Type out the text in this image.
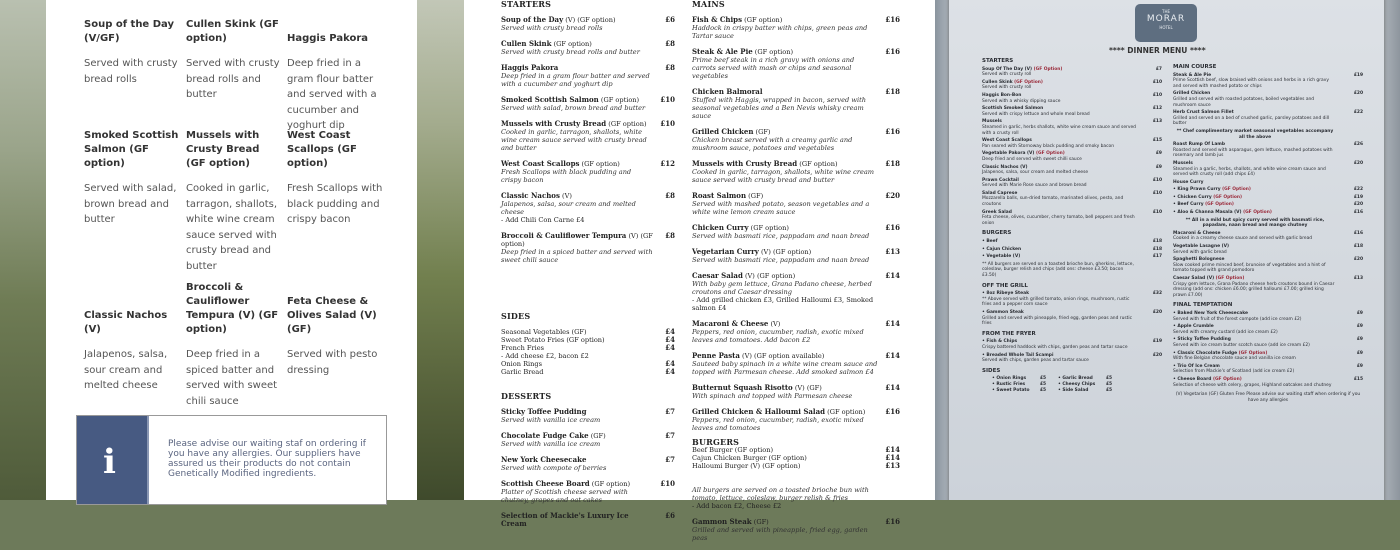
Soup of the Day (V/GF)
Served with crusty bread rolls
Cullen Skink (GF option)
Served with crusty bread rolls and butter
Haggis Pakora
Deep fried in a gram flour batter and served with a cucumber and yoghurt dip
Smoked Scottish Salmon (GF option)
Served with salad, brown bread and butter
Mussels with Crusty Bread (GF option)
Cooked in garlic, tarragon, shallots, white wine cream sauce served with crusty bread and butter
West Coast Scallops (GF option)
Fresh Scallops with black pudding and crispy bacon
Classic Nachos (V)
Jalapenos, salsa, sour cream and melted cheese
Broccoli & Cauliflower Tempura (V) (GF option)
Deep fried in a spiced batter and served with sweet chili sauce
Feta Cheese & Olives Salad (V) (GF)
Served with pesto dressing
i	Please advise our waiting staf on ordering if you have any allergies. Our suppliers have assured us their products do not contain Genetically Modified ingredients.
STARTERS
Soup of the Day (V) (GF option)
Served with crusty bread rolls
£6
Cullen Skink (GF option)
Served with crusty bread rolls and butter
£8
Haggis Pakora
Deep fried in a gram flour batter and served with a cucumber and yoghurt dip
£8
Smoked Scottish Salmon (GF option)
Served with salad, brown bread and butter
£10
Mussels with Crusty Bread (GF option)
Cooked in garlic, tarragon, shallots, white wine cream sauce served with crusty bread and butter
£10
West Coast Scallops (GF option)
Fresh Scallops with black pudding and crispy bacon
£12
Classic Nachos (V)
Jalapenos, salsa, sour cream and melted cheese
- Add Chili Con Carne £4
£8
Broccoli & Cauliflower Tempura (V) (GF option)
Deep fried in a spiced batter and served with sweet chili sauce
£8
SIDES
Seasonal Vegetables (GF)	£4
Sweet Potato Fries (GF option)	£4
French Fries	£4
- Add cheese £2, bacon £2
Onion Rings	£4
Garlic Bread	£4
DESSERTS
Sticky Toffee Pudding
Served with vanilla ice cream
£7
Chocolate Fudge Cake (GF)
Served with vanilla ice cream
£7
New York Cheesecake
Served with compote of berries
£7
Scottish Cheese Board (GF option)
Platter of Scottish cheese served with chutney, grapes and oat cakes
£10
Selection of Mackie's Luxury Ice Cream
£6
MAINS
Fish & Chips (GF option)
Haddock in crispy batter with chips, green peas and Tartar sauce
£16
Steak & Ale Pie (GF option)
Prime beef steak in a rich gravy with onions and carrots served with mash or chips and seasonal vegetables
£16
Chicken Balmoral
Stuffed with Haggis, wrapped in bacon, served with seasonal vegetables and a Ben Nevis whisky cream sauce
£18
Grilled Chicken (GF)
Chicken breast served with a creamy garlic and mushroom sauce, potatoes and vegetables
£16
Mussels with Crusty Bread (GF option)
Cooked in garlic, tarragon, shallots, white wine cream sauce served with crusty bread and butter
£18
Roast Salmon (GF)
Served with mashed potato, season vegetables and a white wine lemon cream sauce
£20
Chicken Curry (GF option)
Served with basmati rice, pappadam and naan bread
£16
Vegetarian Curry (V) (GF option)
Served with basmati rice, pappadam and naan bread
£13
Caesar Salad (V) (GF option)
With baby gem lettuce, Grana Padano cheese, herbed croutons and Caesar dressing
- Add grilled chicken £3, Grilled Halloumi £3, Smoked salmon £4
£14
Macaroni & Cheese (V)
Peppers, red onion, cucumber, radish, exotic mixed leaves and tomatoes. Add bacon £2
£14
Penne Pasta (V) (GF option available)
Sauteed baby spinach in a white wine cream sauce and topped with Parmesan cheese. Add smoked salmon £4
£14
Butternut Squash Risotto (V) (GF)
With spinach and topped with Parmesan cheese
£14
Grilled Chicken & Halloumi Salad (GF option)
Peppers, red onion, cucumber, radish, exotic mixed leaves and tomatoes
£16
BURGERS
Beef Burger (GF option)	£14
Cajun Chicken Burger (GF option)	£14
Halloumi Burger (V) (GF option)	£13
All burgers are served on a toasted brioche bun with tomato, lettuce, coleslaw, burger relish & fries
- Add bacon £2, Cheese £2
Gammon Steak (GF)
Grilled and served with pineapple, fried egg, garden peas
£16
THE
MORAR
HOTEL
**** DINNER MENU ****
STARTERS
Soup Of The Day (V) (GF Option)
Served with crusty roll
£7
Cullen Skink (GF Option)
Served with crusty roll
£10
Haggis Bon-Bon
Served with a whisky dipping sauce
£10
Scottish Smoked Salmon
Served with crispy lettuce and whole meal bread
£12
Mussels
Steamed in garlic, herbs shallots, white wine cream sauce and served with a crusty roll
£13
West Coast Scallops
Pan seared with Stornoway black pudding and smoky bacon
£15
Vegetable Pakora (V) (GF Option)
Deep fried and served with sweet chilli sauce
£9
Classic Nachos (V)
Jalapenos, salsa, sour cream and melted cheese
£9
Prawn Cocktail
Served with Marie Rose sauce and brown bread
£10
Salad Caprese
Mozzarella balls, sun-dried tomato, marinated olives, pesto, and croutons
£10
Greek Salad
Feta cheese, olives, cucumber, cherry tomato, bell peppers and fresh onion
£10
BURGERS
• Beef	£18
• Cajun Chicken	£18
• Vegetable (V)	£17
** All burgers are served on a toasted brioche bun, gherkins, lettuce, coleslaw, burger relish and chips (add ons: cheese £3.50; bacon £3.50)
OFF THE GRILL
• 8oz Ribeye Steak
** Above served with grilled tomato, onion rings, mushroom, rustic fries and a pepper corn sauce
£32
• Gammon Steak
Grilled and served with pineapple, fried egg, garden peas and rustic fries
£20
FROM THE FRYER
• Fish & Chips
Crispy battered haddock with chips, garden peas and tartar sauce
£19
• Breaded Whole Tail Scampi
Served with chips, garden peas and tartar sauce
£20
SIDES
• Onion Rings	£5	• Garlic Bread	£5
• Rustic Fries	£5	• Cheesy Chips	£5
• Sweet Potato	£5	• Side Salad	£5
MAIN COURSE
Steak & Ale Pie
Prime Scottish beef, slow braised with onions and herbs in a rich gravy and served with mashed potato or chips
£19
Grilled Chicken
Grilled and served with roasted potatoes, boiled vegetables and mushroom sauce
£20
Herb Crust Salmon Fillet
Grilled and served on a bed of crushed garlic, parsley potatoes and dill butter
£22
** Chef complimentary market seasonal vegetables accompany all the above
Roast Rump Of Lamb
Roasted and served with asparagus, gem lettuce, mashed potatoes with rosemary and lamb jus
£26
Mussels
Steamed in a garlic, herbs, shallots, and white wine cream sauce and served with crusty roll (add chips £4)
£20
House Curry
• King Prawn Curry (GF Option)	£22
• Chicken Curry (GF Option)	£19
• Beef Curry (GF Option)	£20
• Aloo & Channa Masala (V) (GF Option)	£16
** All in a mild but spicy curry served with basmati rice, papadam, naan bread and mango chutney
Macaroni & Cheese
Cooked in a creamy cheese sauce and served with garlic bread
£16
Vegetable Lasagne (V)
Served with garlic bread
£18
Spaghetti Bolognese
Slow cooked prime minced beef, brunoise of vegetables and a hint of tomato topped with grand pomodoro
£20
Caesar Salad (V) (GF Option)
Crispy gem lettuce, Grana Padano cheese herb croutons bound in Caesar dressing (add ons: chicken £6.00; grilled halloumi £7.00; grilled king prawn £7.00)
£13
FINAL TEMPTATION
• Baked New York Cheesecake
Served with fruit of the forest compote (add ice cream £2)
£9
• Apple Crumble
Served with creamy custard (add ice cream £2)
£9
• Sticky Toffee Pudding
Served with ice cream butter scotch sauce (add ice cream £2)
£9
• Classic Chocolate Fudge (GF Option)
With fine Belgian chocolate sauce and vanilla ice cream
£9
• Trio Of Ice Cream
Selection from Mackie's of Scotland (add ice cream £2)
£9
• Cheese Board (GF Option)
Selection of cheese with celery, grapes, Highland oatcakes and chutney
£15
(V) Vegetarian (GF) Gluten Free Please advise our waiting staff when ordering if you have any allergies
